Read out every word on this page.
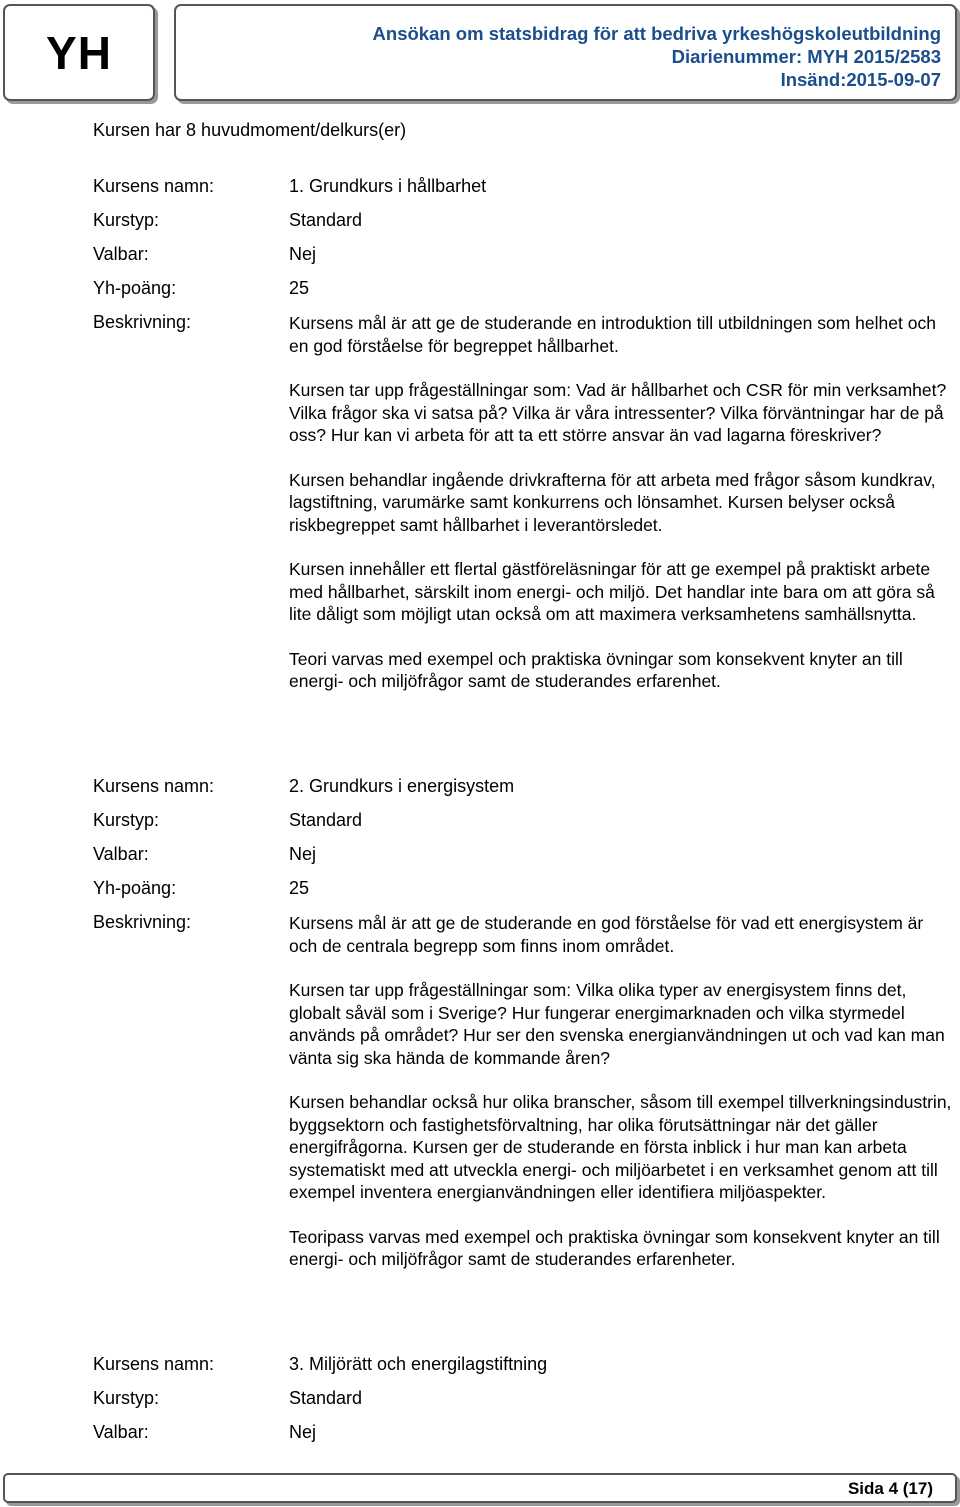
YH	Ansökan om statsbidrag för att bedriva yrkeshögskoleutbildning
Diarienummer: MYH 2015/2583
Insänd:2015-09-07
Kursen har 8 huvudmoment/delkurs(er)
Kursens namn:	1. Grundkurs i hållbarhet
Kurstyp:	Standard
Valbar:	Nej
Yh-poäng:	25
Beskrivning:	Kursens mål är att ge de studerande en introduktion till utbildningen som helhet och en god förståelse för begreppet hållbarhet.

Kursen tar upp frågeställningar som: Vad är hållbarhet och CSR för min verksamhet? Vilka frågor ska vi satsa på? Vilka är våra intressenter? Vilka förväntningar har de på oss? Hur kan vi arbeta för att ta ett större ansvar än vad lagarna föreskriver?

Kursen behandlar ingående drivkrafterna för att arbeta med frågor såsom kundkrav, lagstiftning, varumärke samt konkurrens och lönsamhet. Kursen belyser också riskbegreppet samt hållbarhet i leverantörsledet.

Kursen innehåller ett flertal gästföreläsningar för att ge exempel på praktiskt arbete med hållbarhet, särskilt inom energi- och miljö. Det handlar inte bara om att göra så lite dåligt som möjligt utan också om att maximera verksamhetens samhällsnytta.

Teori varvas med exempel och praktiska övningar som konsekvent knyter an till energi- och miljöfrågor samt de studerandes erfarenhet.

Kursens namn:	2. Grundkurs i energisystem
Kurstyp:	Standard
Valbar:	Nej
Yh-poäng:	25
Beskrivning:	Kursens mål är att ge de studerande en god förståelse för vad ett energisystem är och de centrala begrepp som finns inom området.

Kursen tar upp frågeställningar som: Vilka olika typer av energisystem finns det, globalt såväl som i Sverige? Hur fungerar energimarknaden och vilka styrmedel används på området? Hur ser den svenska energianvändningen ut och vad kan man vänta sig ska hända de kommande åren?

Kursen behandlar också hur olika branscher, såsom till exempel tillverkningsindustrin, byggsektorn och fastighetsförvaltning, har olika förutsättningar när det gäller energifrågorna. Kursen ger de studerande en första inblick i hur man kan arbeta systematiskt med att utveckla energi- och miljöarbetet i en verksamhet genom att till exempel inventera energianvändningen eller identifiera miljöaspekter.

Teoripass varvas med exempel och praktiska övningar som konsekvent knyter an till energi- och miljöfrågor samt de studerandes erfarenheter.

Kursens namn:	3. Miljörätt och energilagstiftning
Kurstyp:	Standard
Valbar:	Nej
Sida 4 (17)
